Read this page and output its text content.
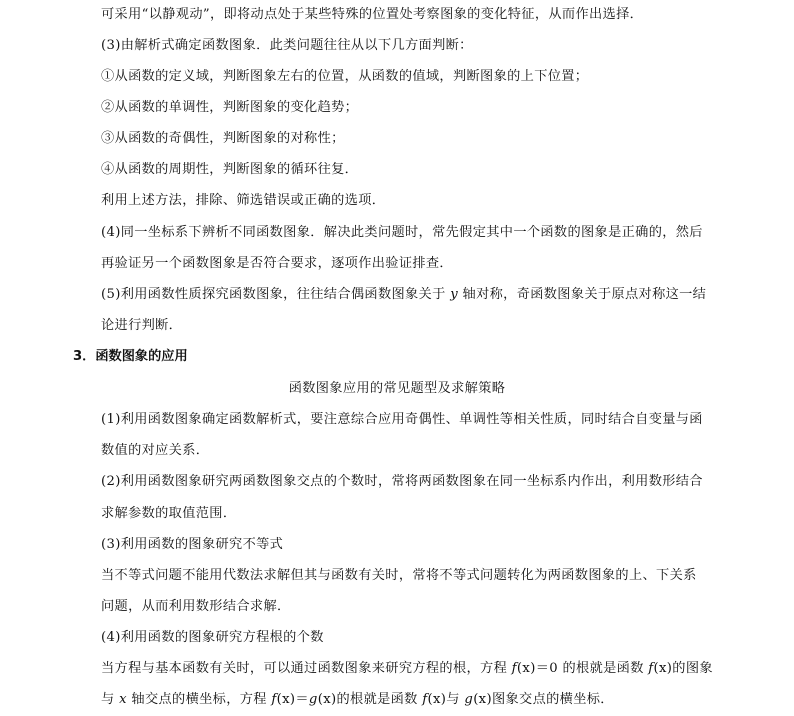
可采用“以静观动”，即将动点处于某些特殊的位置处考察图象的变化特征，从而作出选择．
(3)由解析式确定函数图象．此类问题往往从以下几方面判断：
①从函数的定义域，判断图象左右的位置，从函数的值域，判断图象的上下位置；
②从函数的单调性，判断图象的变化趋势；
③从函数的奇偶性，判断图象的对称性；
④从函数的周期性，判断图象的循环往复．
利用上述方法，排除、筛选错误或正确的选项．
(4)同一坐标系下辨析不同函数图象．解决此类问题时，常先假定其中一个函数的图象是正确的，然后
再验证另一个函数图象是否符合要求，逐项作出验证排查．
(5)利用函数性质探究函数图象，往往结合偶函数图象关于 y 轴对称，奇函数图象关于原点对称这一结
论进行判断．
3．函数图象的应用
函数图象应用的常见题型及求解策略
(1)利用函数图象确定函数解析式，要注意综合应用奇偶性、单调性等相关性质，同时结合自变量与函
数值的对应关系．
(2)利用函数图象研究两函数图象交点的个数时，常将两函数图象在同一坐标系内作出，利用数形结合
求解参数的取值范围．
(3)利用函数的图象研究不等式
当不等式问题不能用代数法求解但其与函数有关时，常将不等式问题转化为两函数图象的上、下关系
问题，从而利用数形结合求解．
(4)利用函数的图象研究方程根的个数
当方程与基本函数有关时，可以通过函数图象来研究方程的根，方程 f(x)＝0 的根就是函数 f(x)的图象
与 x 轴交点的横坐标，方程 f(x)＝g(x)的根就是函数 f(x)与 g(x)图象交点的横坐标．
